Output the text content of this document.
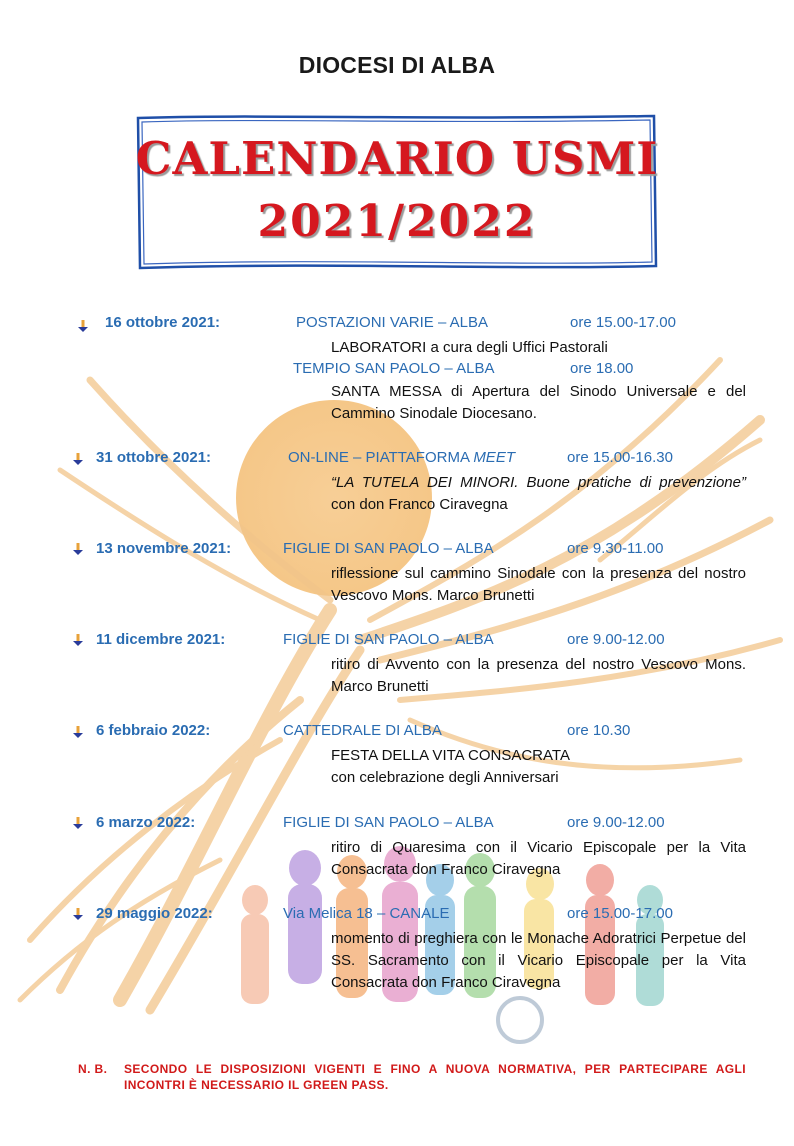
DIOCESI DI ALBA
CALENDARIO USMI
2021/2022
16 ottobre 2021:	POSTAZIONI VARIE – ALBA	ore 15.00-17.00
LABORATORI a cura degli Uffici Pastorali
TEMPIO SAN PAOLO – ALBA	ore 18.00
SANTA MESSA di Apertura del Sinodo Universale e del Cammino Sinodale Diocesano.
31 ottobre 2021:	ON-LINE – PIATTAFORMA MEET	ore 15.00-16.30
“LA TUTELA DEI MINORI. Buone pratiche di prevenzione” con don Franco Ciravegna
13 novembre 2021:	FIGLIE DI SAN PAOLO – ALBA	ore 9.30-11.00
riflessione sul cammino Sinodale con la presenza del nostro Vescovo Mons. Marco Brunetti
11 dicembre 2021:	FIGLIE DI SAN PAOLO – ALBA	ore 9.00-12.00
ritiro di Avvento con la presenza del nostro Vescovo Mons. Marco Brunetti
6 febbraio 2022:	CATTEDRALE DI ALBA	ore 10.30
FESTA DELLA VITA CONSACRATA
con celebrazione degli Anniversari
6 marzo 2022:	FIGLIE DI SAN PAOLO – ALBA	ore 9.00-12.00
ritiro di Quaresima con il Vicario Episcopale per la Vita Consacrata don Franco Ciravegna
29 maggio 2022:	Via Melica 18 – CANALE	ore 15.00-17.00
momento di preghiera con le Monache Adoratrici Perpetue del SS. Sacramento con il Vicario Episcopale per la Vita Consacrata don Franco Ciravegna
N. B. SECONDO LE DISPOSIZIONI VIGENTI E FINO A NUOVA NORMATIVA, PER PARTECIPARE AGLI INCONTRI È NECESSARIO IL GREEN PASS.
